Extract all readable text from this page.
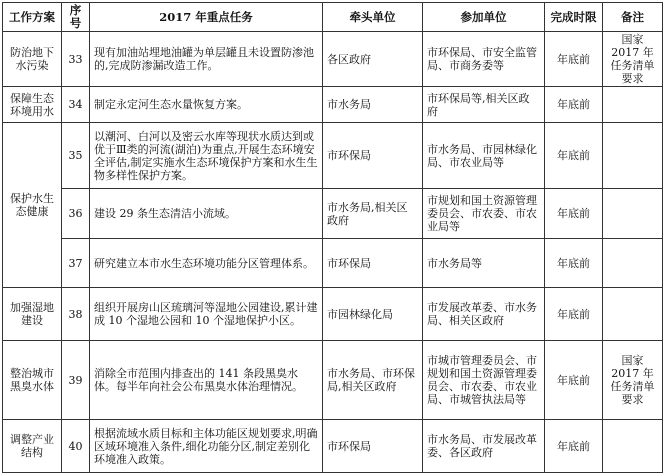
工作方案	序号	2017 年重点任务	牵头单位	参加单位	完成时限	备注
防治地下水污染	33	现有加油站埋地油罐为单层罐且未设置防渗池的,完成防渗漏改造工作。	各区政府	市环保局、市安全监管局、市商务委等	年底前	国家 2017 年任务清单要求
保障生态环境用水	34	制定永定河生态水量恢复方案。	市水务局	市环保局等,相关区政府	年底前	
保护水生态健康	35	以潮河、白河以及密云水库等现状水质达到或优于Ⅲ类的河流(湖泊)为重点,开展生态环境安全评估,制定实施水生态环境保护方案和水生生物多样性保护方案。	市环保局	市水务局、市园林绿化局、市农业局等	年底前	
	36	建设 29 条生态清洁小流域。	市水务局,相关区政府	市规划和国土资源管理委员会、市农委、市农业局等	年底前	
	37	研究建立本市水生态环境功能分区管理体系。	市环保局	市水务局等	年底前	
加强湿地建设	38	组织开展房山区琉璃河等湿地公园建设,累计建成 10 个湿地公园和 10 个湿地保护小区。	市园林绿化局	市发展改革委、市水务局、相关区政府	年底前	
整治城市黑臭水体	39	消除全市范围内排查出的 141 条段黑臭水体。每半年向社会公布黑臭水体治理情况。	市水务局、市环保局,相关区政府	市城市管理委员会、市规划和国土资源管理委员会、市农委、市农业局、市城管执法局等	年底前	国家 2017 年任务清单要求
调整产业结构	40	根据流域水质目标和主体功能区规划要求,明确区域环境准入条件,细化功能分区,制定差别化环境准入政策。	市环保局	市水务局、市发展改革委、各区政府	年底前	
